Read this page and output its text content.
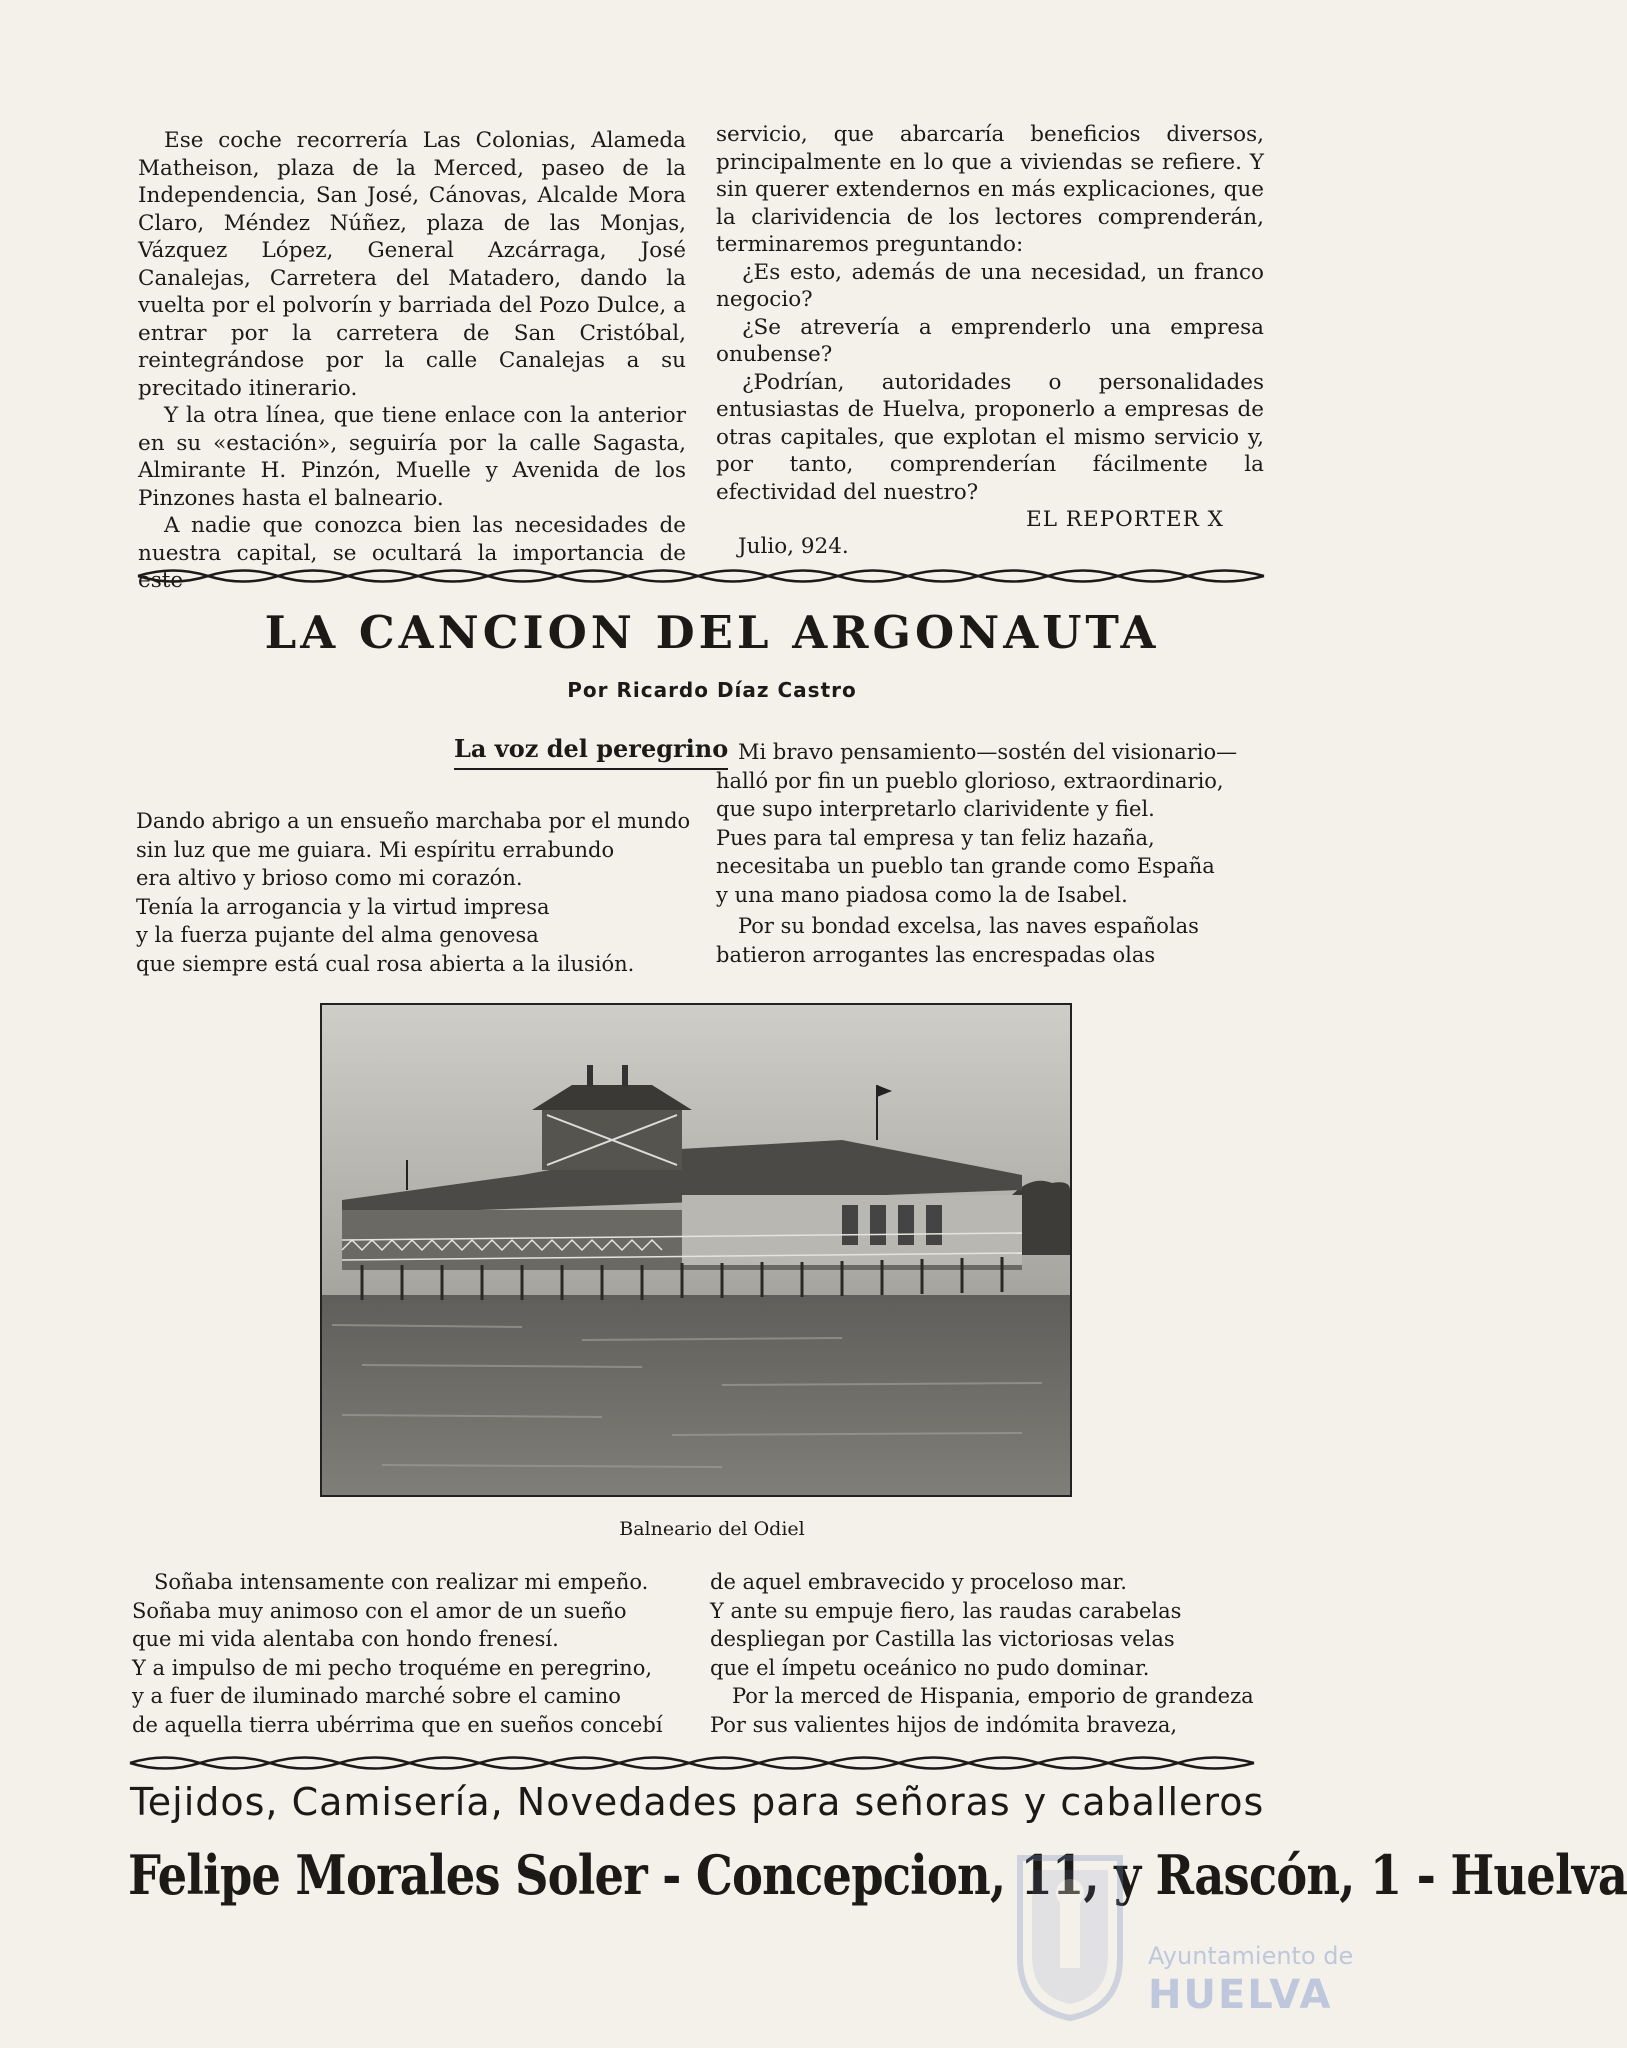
Ese coche recorrería Las Colonias, Alameda Matheison, plaza de la Merced, paseo de la Independencia, San José, Cánovas, Alcalde Mora Claro, Méndez Núñez, plaza de las Monjas, Vázquez López, General Azcárraga, José Canalejas, Carretera del Matadero, dando la vuelta por el polvorín y barriada del Pozo Dulce, a entrar por la carretera de San Cristóbal, reintegrándose por la calle Canalejas a su precitado itinerario.

Y la otra línea, que tiene enlace con la anterior en su «estación», seguiría por la calle Sagasta, Almirante H. Pinzón, Muelle y Avenida de los Pinzones hasta el balneario.

A nadie que conozca bien las necesidades de nuestra capital, se ocultará la importancia de este

servicio, que abarcaría beneficios diversos, principalmente en lo que a viviendas se refiere. Y sin querer extendernos en más explicaciones, que la clarividencia de los lectores comprenderán, terminaremos preguntando:

¿Es esto, además de una necesidad, un franco negocio?

¿Se atrevería a emprenderlo una empresa onubense?

¿Podrían, autoridades o personalidades entusiastas de Huelva, proponerlo a empresas de otras capitales, que explotan el mismo servicio y, por tanto, comprenderían fácilmente la efectividad del nuestro?

EL REPORTER X
Julio, 924.
LA CANCION DEL ARGONAUTA
Por Ricardo Díaz Castro
La voz del peregrino

Dando abrigo a un ensueño marchaba por el mundo

sin luz que me guiara. Mi espíritu errabundo

era altivo y brioso como mi corazón.

Tenía la arrogancia y la virtud impresa

y la fuerza pujante del alma genovesa

que siempre está cual rosa abierta a la ilusión.

Mi bravo pensamiento—sostén del visionario—

halló por fin un pueblo glorioso, extraordinario,

que supo interpretarlo clarividente y fiel.

Pues para tal empresa y tan feliz hazaña,

necesitaba un pueblo tan grande como España

y una mano piadosa como la de Isabel.

Por su bondad excelsa, las naves españolas

batieron arrogantes las encrespadas olas

Balneario del Odiel

Soñaba intensamente con realizar mi empeño.

Soñaba muy animoso con el amor de un sueño

que mi vida alentaba con hondo frenesí.

Y a impulso de mi pecho troquéme en peregrino,

y a fuer de iluminado marché sobre el camino

de aquella tierra ubérrima que en sueños concebí

de aquel embravecido y proceloso mar.

Y ante su empuje fiero, las raudas carabelas

despliegan por Castilla las victoriosas velas

que el ímpetu oceánico no pudo dominar.

Por la merced de Hispania, emporio de grandeza

Por sus valientes hijos de indómita braveza,

Tejidos, Camisería, Novedades para señoras y caballeros
Felipe Morales Soler - Concepcion, 11, y Rascón, 1 - Huelva
Ayuntamiento de
HUELVA
